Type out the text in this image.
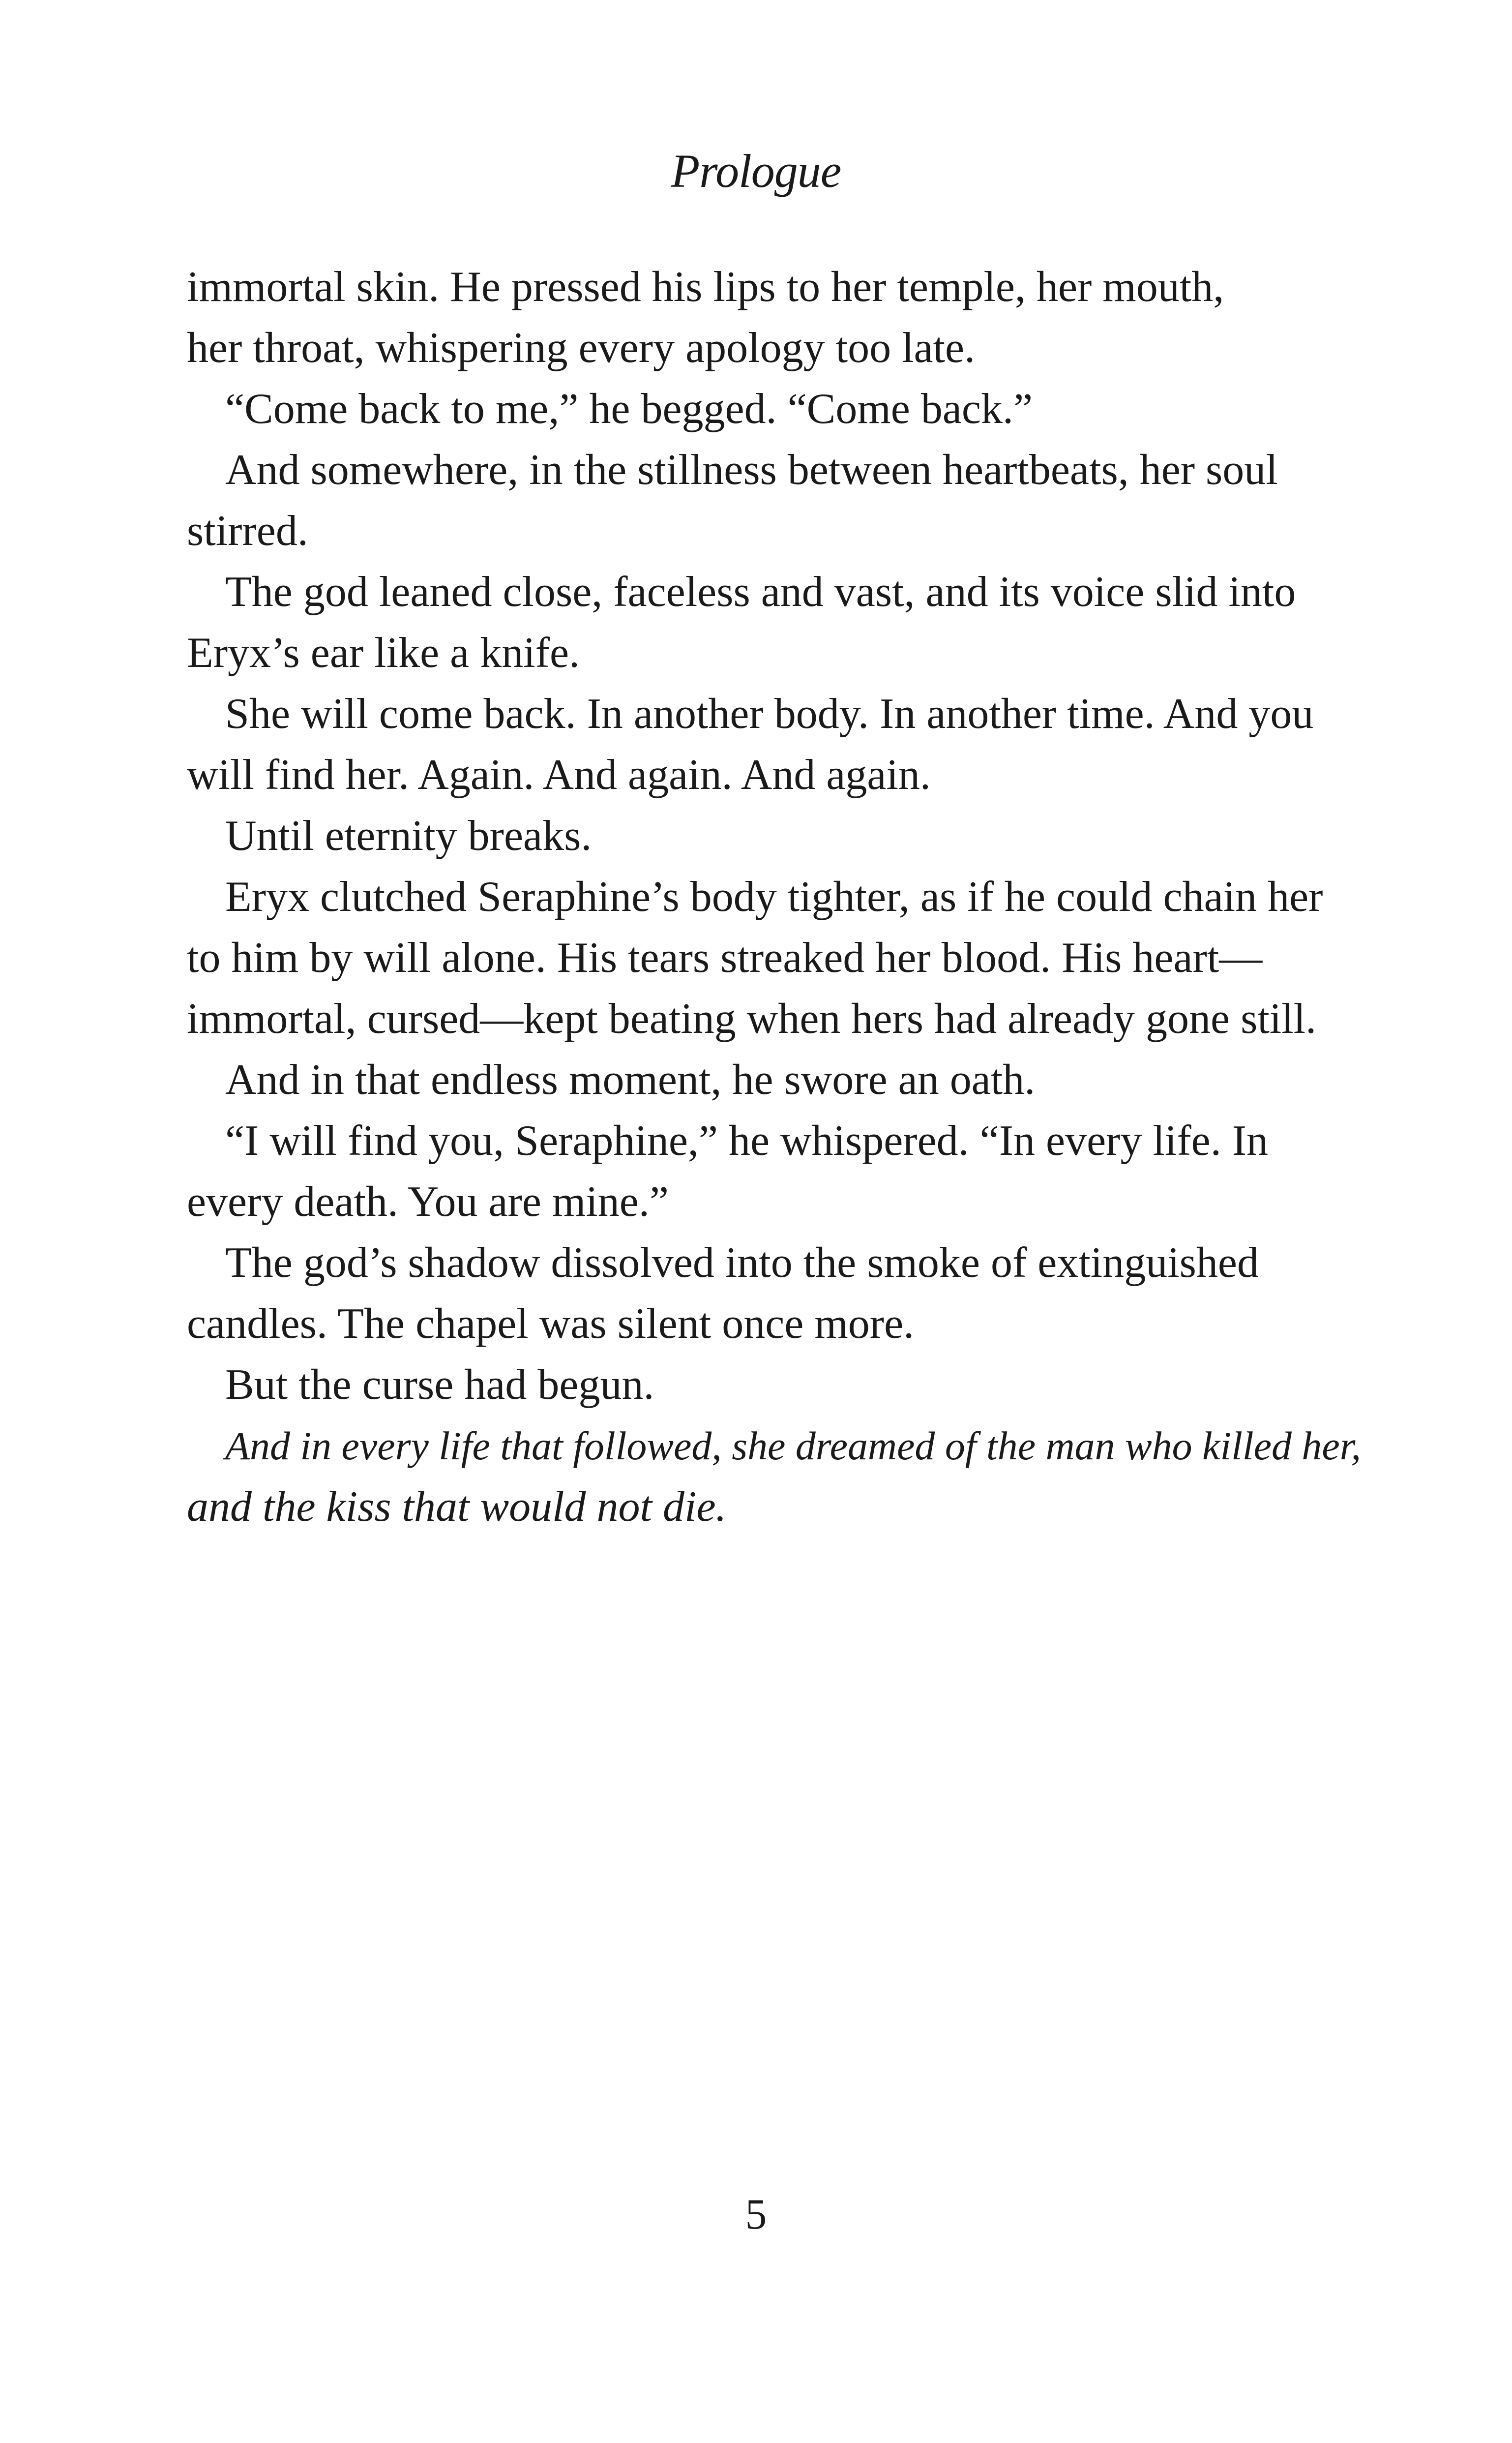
Prologue
immortal skin. He pressed his lips to her temple, her mouth,
her throat, whispering every apology too late.
“Come back to me,” he begged. “Come back.”
And somewhere, in the stillness between heartbeats, her soul
stirred.
The god leaned close, faceless and vast, and its voice slid into
Eryx’s ear like a knife.
She will come back. In another body. In another time. And you
will find her. Again. And again. And again.
Until eternity breaks.
Eryx clutched Seraphine’s body tighter, as if he could chain her
to him by will alone. His tears streaked her blood. His heart—
immortal, cursed—kept beating when hers had already gone still.
And in that endless moment, he swore an oath.
“I will find you, Seraphine,” he whispered. “In every life. In
every death. You are mine.”
The god’s shadow dissolved into the smoke of extinguished
candles. The chapel was silent once more.
But the curse had begun.
And in every life that followed, she dreamed of the man who killed her,
and the kiss that would not die.
5
